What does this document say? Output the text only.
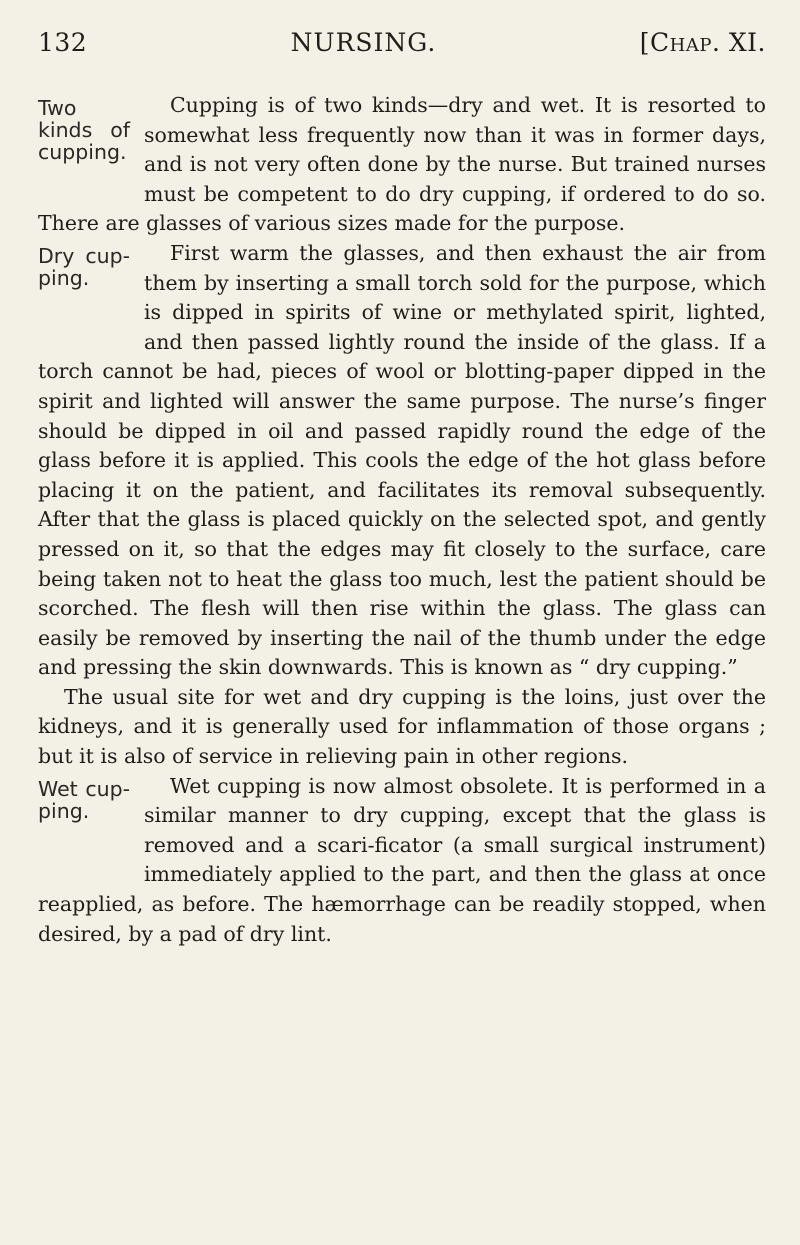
132	NURSING.	[Chap. XI.
Two kinds of cupping.

Cupping is of two kinds—dry and wet. It is resorted to somewhat less frequently now than it was in former days, and is not very often done by the nurse. But trained nurses must be competent to do dry cupping, if ordered to do so. There are glasses of various sizes made for the purpose.

Dry cup-ping.

First warm the glasses, and then exhaust the air from them by inserting a small torch sold for the purpose, which is dipped in spirits of wine or methylated spirit, lighted, and then passed lightly round the inside of the glass. If a torch cannot be had, pieces of wool or blotting-paper dipped in the spirit and lighted will answer the same purpose. The nurse’s finger should be dipped in oil and passed rapidly round the edge of the glass before it is applied. This cools the edge of the hot glass before placing it on the patient, and facilitates its removal subsequently. After that the glass is placed quickly on the selected spot, and gently pressed on it, so that the edges may fit closely to the surface, care being taken not to heat the glass too much, lest the patient should be scorched. The flesh will then rise within the glass. The glass can easily be removed by inserting the nail of the thumb under the edge and pressing the skin downwards. This is known as “ dry cupping.”

The usual site for wet and dry cupping is the loins, just over the kidneys, and it is generally used for inflammation of those organs ; but it is also of service in relieving pain in other regions.

Wet cup-ping.

Wet cupping is now almost obsolete. It is performed in a similar manner to dry cupping, except that the glass is removed and a scari-ficator (a small surgical instrument) immediately applied to the part, and then the glass at once reapplied, as before. The hæmorrhage can be readily stopped, when desired, by a pad of dry lint.
